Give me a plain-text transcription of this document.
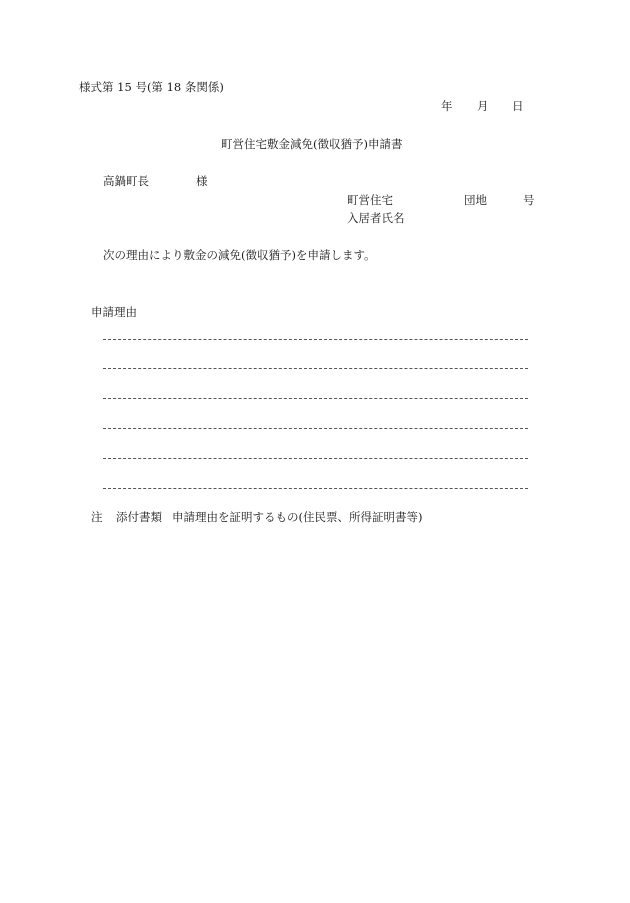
様式第 15 号(第 18 条関係)
年 月 日
町営住宅敷金減免(徴収猶予)申請書
高鍋町長	様
町営住宅	団地	号
入居者氏名
次の理由により敷金の減免(徴収猶予)を申請します。
申請理由
注 添付書類 申請理由を証明するもの(住民票、所得証明書等)
